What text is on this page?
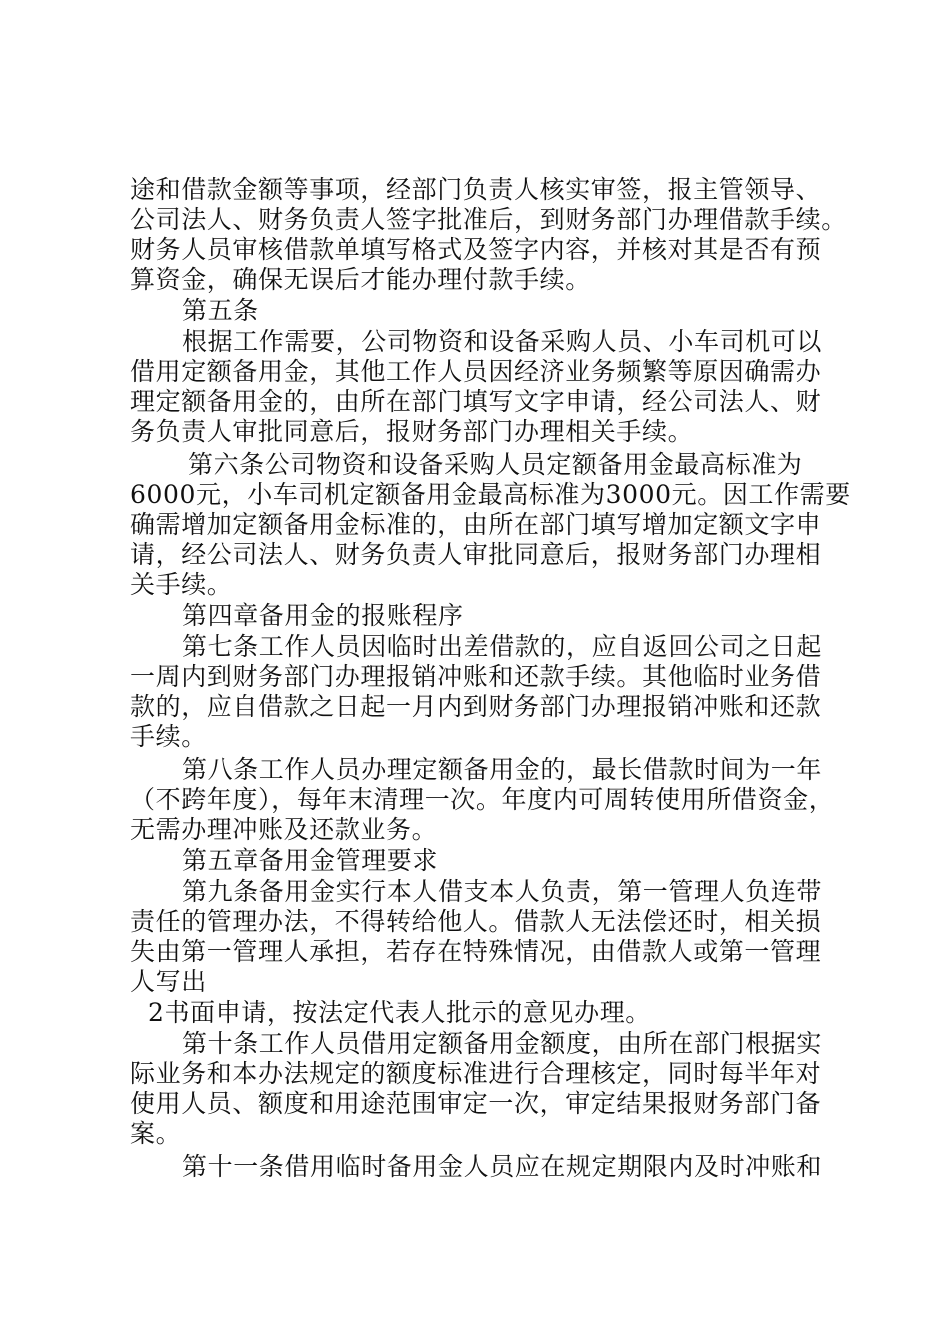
途和借款金额等事项，经部门负责人核实审签，报主管领导、
公司法人、财务负责人签字批准后，到财务部门办理借款手续。
财务人员审核借款单填写格式及签字内容，并核对其是否有预
算资金，确保无误后才能办理付款手续。
第五条
根据工作需要，公司物资和设备采购人员、小车司机可以
借用定额备用金，其他工作人员因经济业务频繁等原因确需办
理定额备用金的，由所在部门填写文字申请，经公司法人、财
务负责人审批同意后，报财务部门办理相关手续。
第六条公司物资和设备采购人员定额备用金最高标准为
6000元，小车司机定额备用金最高标准为3000元。因工作需要
确需增加定额备用金标准的，由所在部门填写增加定额文字申
请，经公司法人、财务负责人审批同意后，报财务部门办理相
关手续。
第四章备用金的报账程序
第七条工作人员因临时出差借款的，应自返回公司之日起
一周内到财务部门办理报销冲账和还款手续。其他临时业务借
款的，应自借款之日起一月内到财务部门办理报销冲账和还款
手续。
第八条工作人员办理定额备用金的，最长借款时间为一年
（不跨年度），每年末清理一次。年度内可周转使用所借资金，
无需办理冲账及还款业务。
第五章备用金管理要求
第九条备用金实行本人借支本人负责，第一管理人负连带
责任的管理办法，不得转给他人。借款人无法偿还时，相关损
失由第一管理人承担，若存在特殊情况，由借款人或第一管理
人写出
2书面申请，按法定代表人批示的意见办理。
第十条工作人员借用定额备用金额度，由所在部门根据实
际业务和本办法规定的额度标准进行合理核定，同时每半年对
使用人员、额度和用途范围审定一次，审定结果报财务部门备
案。
第十一条借用临时备用金人员应在规定期限内及时冲账和
